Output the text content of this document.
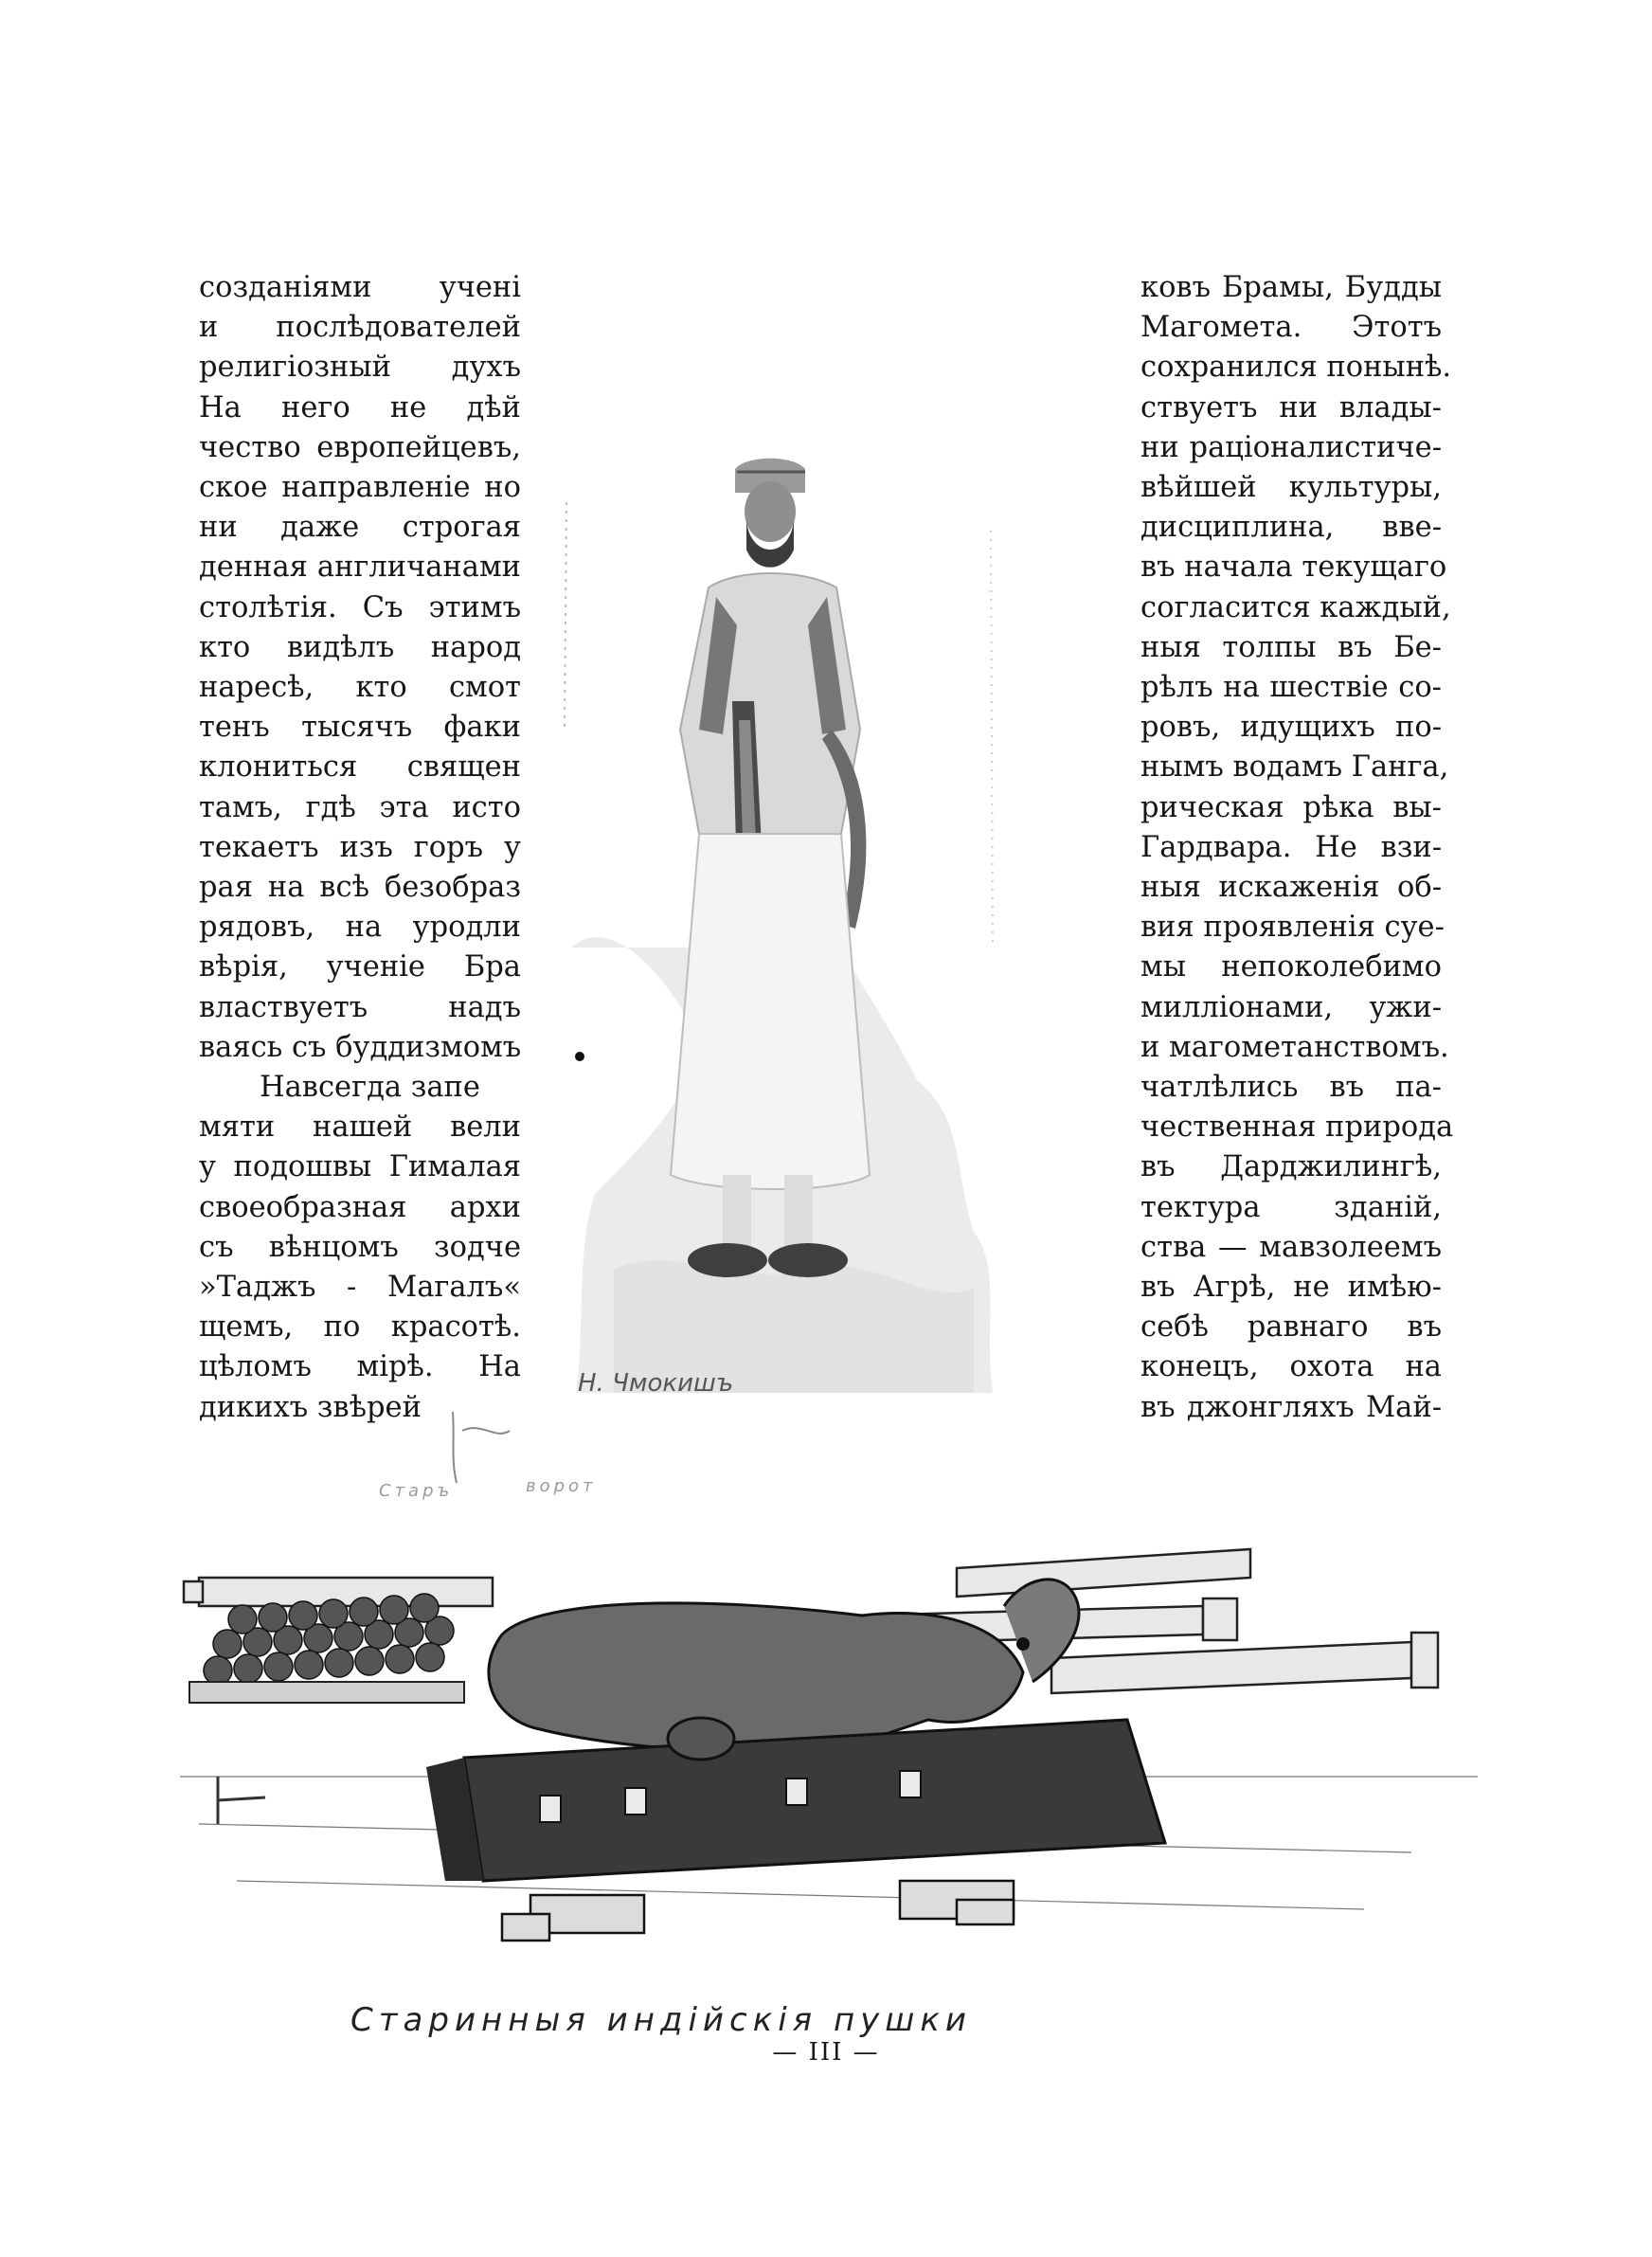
созданіями ученi
и послѣдователей
религіозный духъ
На него не дѣй
чество европейцевъ,
ское направленіе но
ни даже строгая
денная англичанами
столѣтія. Съ этимъ
кто видѣлъ народ
нaресѣ, кто смот
тенъ тысячъ факи
клониться священ
тамъ, гдѣ эта исто
текаетъ изъ горъ у
рая на всѣ безобраз
рядовъ, на уродли
вѣрія, ученіе Бра
властвуетъ надъ
ваясь съ буддизмомъ
Навсегда запе
мяти нашей вели
у подошвы Гималая
своеобразная архи
съ вѣнцомъ зодче
»Таджъ - Магалъ«
щемъ, по красотѣ.
цѣломъ мірѣ. На
дикихъ звѣрей
ковъ Брамы, Будды
Магомета. Этотъ
сохранился понынѣ.
ствуетъ ни влады-
ни раціоналистиче-
вѣйшей культуры,
дисциплина, ввe-
въ начала текущаго
согласится каждый,
ныя толпы въ Бе-
рѣлъ на шествіе со-
ровъ, идущихъ по-
нымъ водамъ Ганга,
рическая рѣка вы-
Гардвара. Не взи-
ныя искаженія об-
вия проявленія суе-
мы непоколебимо
милліонами, ужи-
и магометанствомъ.
чатлѣлись въ па-
чественная природа
въ Дарджилингѣ,
тектура зданій,
ства — мавзолеемъ
въ Агрѣ, не имѣю-
себѣ равнаго въ
конецъ, охота на
въ джонгляхъ Май-
Н. Чмокишъ
Старъ	ворот
Старинныя индійскiя пушки
— III —
